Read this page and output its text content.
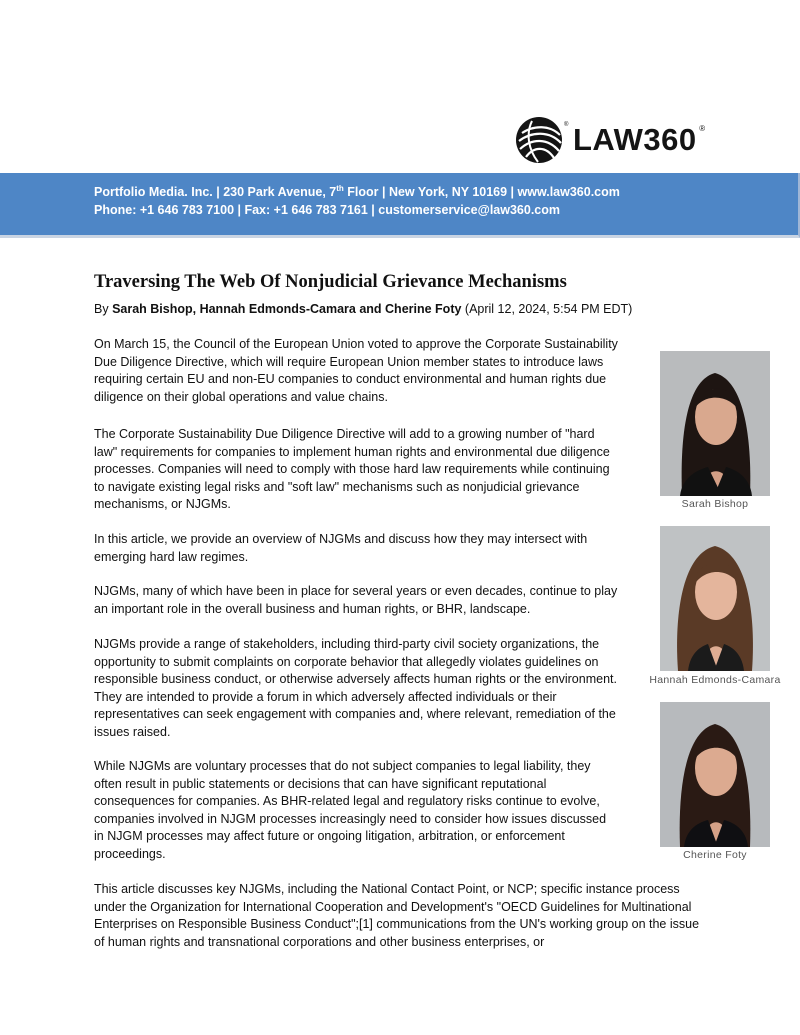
® LAW360 ®
Portfolio Media. Inc. | 230 Park Avenue, 7th Floor | New York, NY 10169 | www.law360.com
Phone: +1 646 783 7100 | Fax: +1 646 783 7161 | customerservice@law360.com
Traversing The Web Of Nonjudicial Grievance Mechanisms
By Sarah Bishop, Hannah Edmonds-Camara and Cherine Foty (April 12, 2024, 5:54 PM EDT)

On March 15, the Council of the European Union voted to approve the Corporate Sustainability Due Diligence Directive, which will require European Union member states to introduce laws requiring certain EU and non-EU companies to conduct environmental and human rights due diligence on their global operations and value chains.

The Corporate Sustainability Due Diligence Directive will add to a growing number of "hard law" requirements for companies to implement human rights and environmental due diligence processes. Companies will need to comply with those hard law requirements while continuing to navigate existing legal risks and "soft law" mechanisms such as nonjudicial grievance mechanisms, or NJGMs.

In this article, we provide an overview of NJGMs and discuss how they may intersect with emerging hard law regimes.

NJGMs, many of which have been in place for several years or even decades, continue to play an important role in the overall business and human rights, or BHR, landscape.

NJGMs provide a range of stakeholders, including third-party civil society organizations, the opportunity to submit complaints on corporate behavior that allegedly violates guidelines on responsible business conduct, or otherwise adversely affects human rights or the environment. They are intended to provide a forum in which adversely affected individuals or their representatives can seek engagement with companies and, where relevant, remediation of the issues raised.

While NJGMs are voluntary processes that do not subject companies to legal liability, they often result in public statements or decisions that can have significant reputational consequences for companies. As BHR-related legal and regulatory risks continue to evolve, companies involved in NJGM processes increasingly need to consider how issues discussed in NJGM processes may affect future or ongoing litigation, arbitration, or enforcement proceedings.

This article discusses key NJGMs, including the National Contact Point, or NCP; specific instance process under the Organization for International Cooperation and Development's "OECD Guidelines for Multinational Enterprises on Responsible Business Conduct";[1] communications from the UN's working group on the issue of human rights and transnational corporations and other business enterprises, or

Sarah Bishop
Hannah Edmonds-Camara
Cherine Foty
